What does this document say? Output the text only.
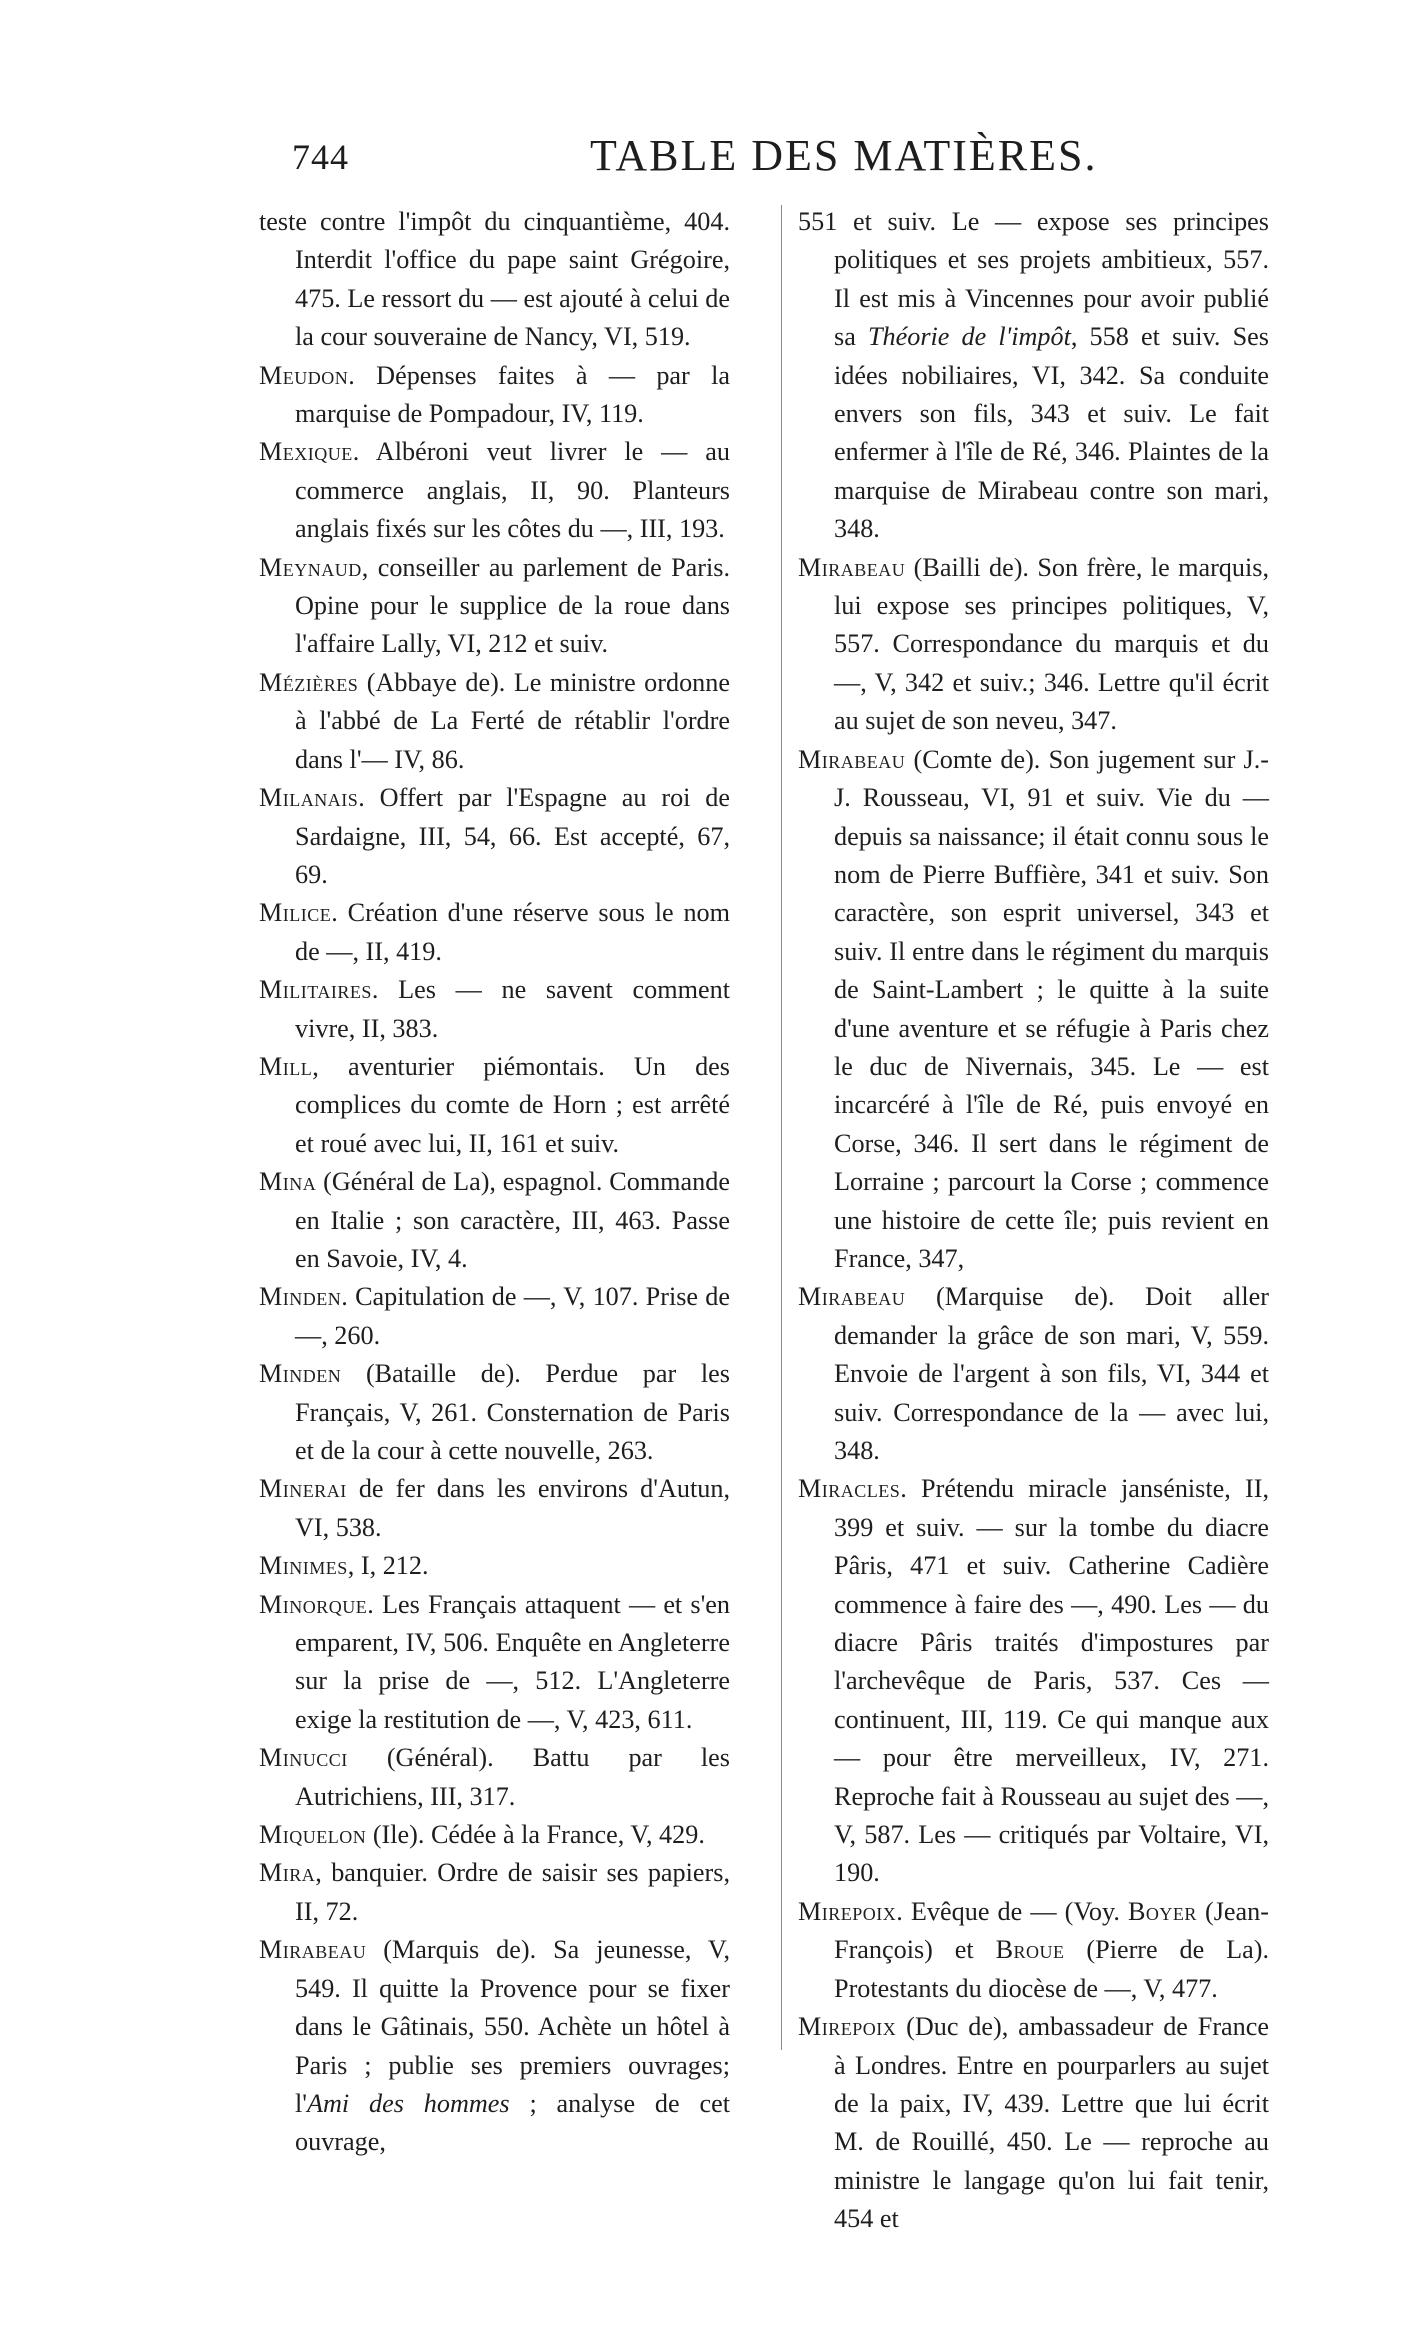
744	TABLE DES MATIÈRES.

teste contre l'impôt du cinquantième, 404. Interdit l'office du pape saint Grégoire, 475. Le ressort du — est ajouté à celui de la cour souveraine de Nancy, VI, 519.

Meudon. Dépenses faites à — par la marquise de Pompadour, IV, 119.

Mexique. Albéroni veut livrer le — au commerce anglais, II, 90. Planteurs anglais fixés sur les côtes du —, III, 193.

Meynaud, conseiller au parlement de Paris. Opine pour le supplice de la roue dans l'affaire Lally, VI, 212 et suiv.

Mézières (Abbaye de). Le ministre ordonne à l'abbé de La Ferté de rétablir l'ordre dans l'— IV, 86.

Milanais. Offert par l'Espagne au roi de Sardaigne, III, 54, 66. Est accepté, 67, 69.

Milice. Création d'une réserve sous le nom de —, II, 419.

Militaires. Les — ne savent comment vivre, II, 383.

Mill, aventurier piémontais. Un des complices du comte de Horn ; est arrêté et roué avec lui, II, 161 et suiv.

Mina (Général de La), espagnol. Commande en Italie ; son caractère, III, 463. Passe en Savoie, IV, 4.

Minden. Capitulation de —, V, 107. Prise de —, 260.

Minden (Bataille de). Perdue par les Français, V, 261. Consternation de Paris et de la cour à cette nouvelle, 263.

Minerai de fer dans les environs d'Autun, VI, 538.

Minimes, I, 212.

Minorque. Les Français attaquent — et s'en emparent, IV, 506. Enquête en Angleterre sur la prise de —, 512. L'Angleterre exige la restitution de —, V, 423, 611.

Minucci (Général). Battu par les Autrichiens, III, 317.

Miquelon (Ile). Cédée à la France, V, 429.

Mira, banquier. Ordre de saisir ses papiers, II, 72.

Mirabeau (Marquis de). Sa jeunesse, V, 549. Il quitte la Provence pour se fixer dans le Gâtinais, 550. Achète un hôtel à Paris ; publie ses premiers ouvrages; l'Ami des hommes ; analyse de cet ouvrage,

551 et suiv. Le — expose ses principes politiques et ses projets ambitieux, 557. Il est mis à Vincennes pour avoir publié sa Théorie de l'impôt, 558 et suiv. Ses idées nobiliaires, VI, 342. Sa conduite envers son fils, 343 et suiv. Le fait enfermer à l'île de Ré, 346. Plaintes de la marquise de Mirabeau contre son mari, 348.

Mirabeau (Bailli de). Son frère, le marquis, lui expose ses principes politiques, V, 557. Correspondance du marquis et du —, V, 342 et suiv.; 346. Lettre qu'il écrit au sujet de son neveu, 347.

Mirabeau (Comte de). Son jugement sur J.-J. Rousseau, VI, 91 et suiv. Vie du — depuis sa naissance; il était connu sous le nom de Pierre Buffière, 341 et suiv. Son caractère, son esprit universel, 343 et suiv. Il entre dans le régiment du marquis de Saint-Lambert ; le quitte à la suite d'une aventure et se réfugie à Paris chez le duc de Nivernais, 345. Le — est incarcéré à l'île de Ré, puis envoyé en Corse, 346. Il sert dans le régiment de Lorraine ; parcourt la Corse ; commence une histoire de cette île; puis revient en France, 347,

Mirabeau (Marquise de). Doit aller demander la grâce de son mari, V, 559. Envoie de l'argent à son fils, VI, 344 et suiv. Correspondance de la — avec lui, 348.

Miracles. Prétendu miracle janséniste, II, 399 et suiv. — sur la tombe du diacre Pâris, 471 et suiv. Catherine Cadière commence à faire des —, 490. Les — du diacre Pâris traités d'impostures par l'archevêque de Paris, 537. Ces — continuent, III, 119. Ce qui manque aux — pour être merveilleux, IV, 271. Reproche fait à Rousseau au sujet des —, V, 587. Les — critiqués par Voltaire, VI, 190.

Mirepoix. Evêque de — (Voy. Boyer (Jean-François) et Broue (Pierre de La). Protestants du diocèse de —, V, 477.

Mirepoix (Duc de), ambassadeur de France à Londres. Entre en pourparlers au sujet de la paix, IV, 439. Lettre que lui écrit M. de Rouillé, 450. Le — reproche au ministre le langage qu'on lui fait tenir, 454 et
